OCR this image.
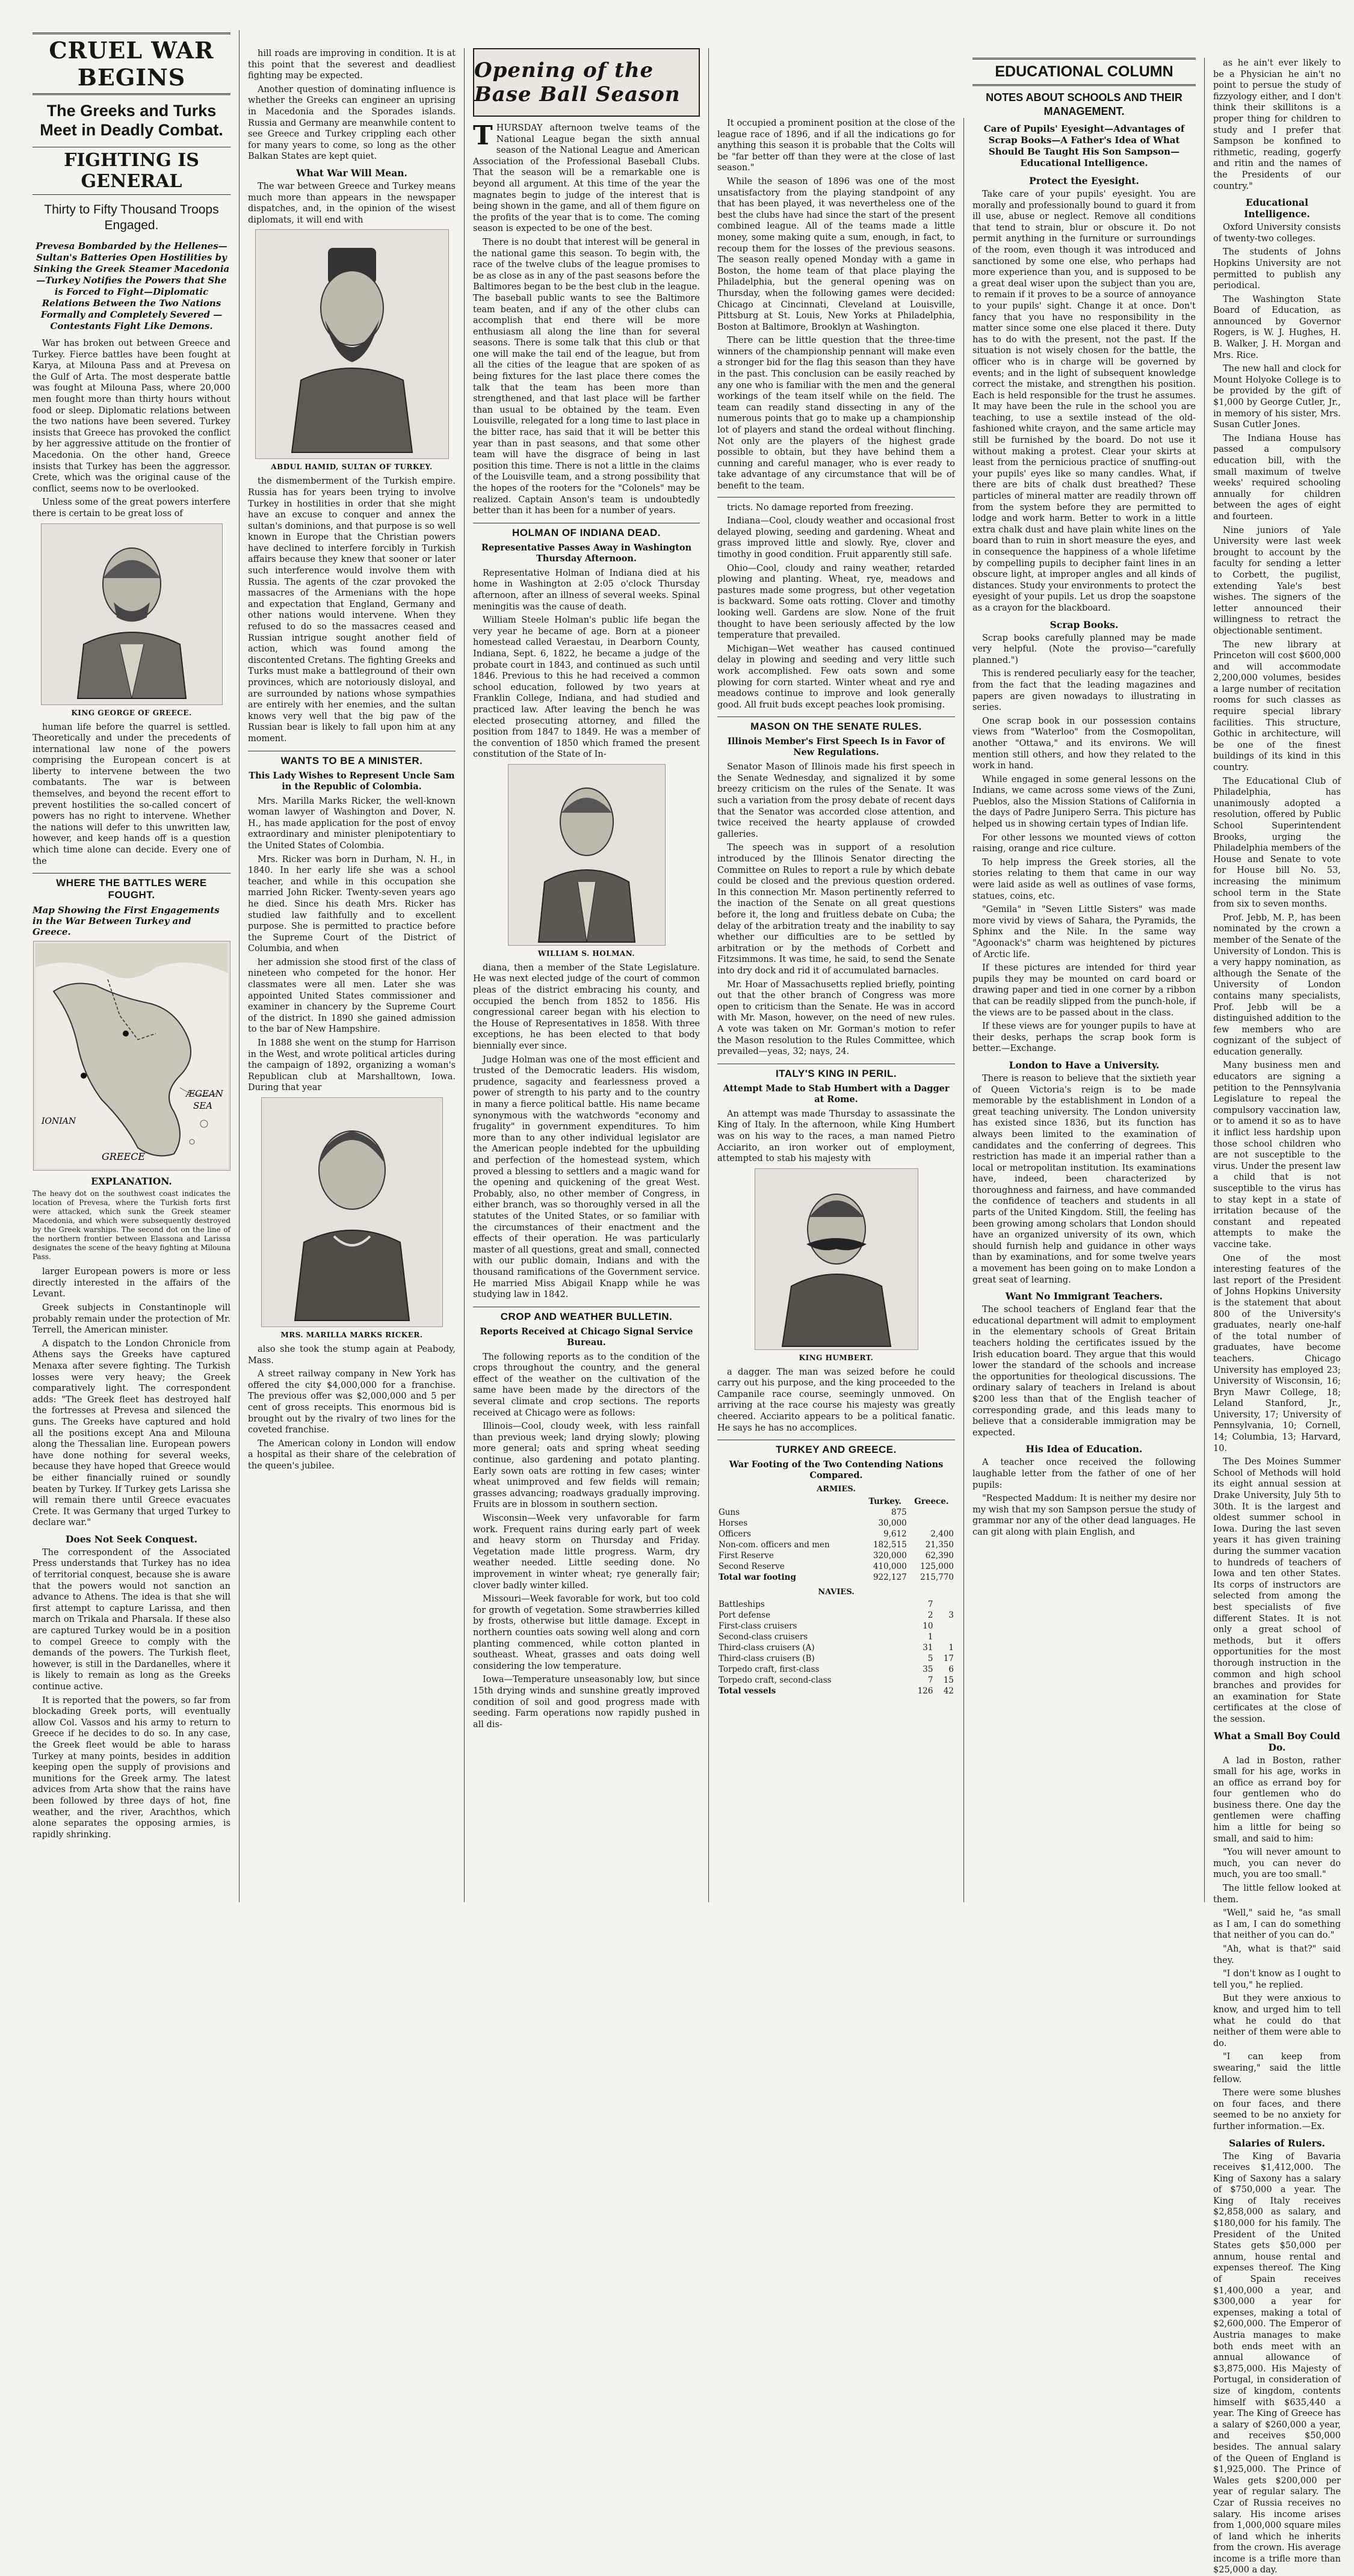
CRUEL WAR BEGINS
The Greeks and Turks Meet in Deadly Combat.
FIGHTING IS GENERAL
Thirty to Fifty Thousand Troops Engaged.
Prevesa Bombarded by the Hellenes—Sultan's Batteries Open Hostilities by Sinking the Greek Steamer Macedonia—Turkey Notifies the Powers that She is Forced to Fight—Diplomatic Relations Between the Two Nations Formally and Completely Severed — Contestants Fight Like Demons.

War has broken out between Greece and Turkey. Fierce battles have been fought at Karya, at Milouna Pass and at Prevesa on the Gulf of Arta. The most desperate battle was fought at Milouna Pass, where 20,000 men fought more than thirty hours without food or sleep. Diplomatic relations between the two nations have been severed. Turkey insists that Greece has provoked the conflict by her aggressive attitude on the frontier of Macedonia. On the other hand, Greece insists that Turkey has been the aggressor. Crete, which was the original cause of the conflict, seems now to be overlooked.

Unless some of the great powers interfere there is certain to be great loss of

KING GEORGE OF GREECE.

human life before the quarrel is settled. Theoretically and under the precedents of international law none of the powers comprising the European concert is at liberty to intervene between the two combatants. The war is between themselves, and beyond the recent effort to prevent hostilities the so-called concert of powers has no right to intervene. Whether the nations will defer to this unwritten law, however, and keep hands off is a question which time alone can decide. Every one of the

WHERE THE BATTLES WERE FOUGHT.
Map Showing the First Engagements in the War Between Turkey and Greece.
ÆGEAN
SEA
IONIAN
GREECE
EXPLANATION.
The heavy dot on the southwest coast indicates the location of Prevesa, where the Turkish forts first were attacked, which sunk the Greek steamer Macedonia, and which were subsequently destroyed by the Greek warships. The second dot on the line of the northern frontier between Elassona and Larissa designates the scene of the heavy fighting at Milouna Pass.

larger European powers is more or less directly interested in the affairs of the Levant.

Greek subjects in Constantinople will probably remain under the protection of Mr. Terrell, the American minister.

A dispatch to the London Chronicle from Athens says the Greeks have captured Menaxa after severe fighting. The Turkish losses were very heavy; the Greek comparatively light. The correspondent adds: "The Greek fleet has destroyed half the fortresses at Prevesa and silenced the guns. The Greeks have captured and hold all the positions except Ana and Milouna along the Thessalian line. European powers have done nothing for several weeks, because they have hoped that Greece would be either financially ruined or soundly beaten by Turkey. If Turkey gets Larissa she will remain there until Greece evacuates Crete. It was Germany that urged Turkey to declare war."

Does Not Seek Conquest.

The correspondent of the Associated Press understands that Turkey has no idea of territorial conquest, because she is aware that the powers would not sanction an advance to Athens. The idea is that she will first attempt to capture Larissa, and then march on Trikala and Pharsala. If these also are captured Turkey would be in a position to compel Greece to comply with the demands of the powers. The Turkish fleet, however, is still in the Dardanelles, where it is likely to remain as long as the Greeks continue active.

It is reported that the powers, so far from blockading Greek ports, will eventually allow Col. Vassos and his army to return to Greece if he decides to do so. In any case, the Greek fleet would be able to harass Turkey at many points, besides in addition keeping open the supply of provisions and munitions for the Greek army. The latest advices from Arta show that the rains have been followed by three days of hot, fine weather, and the river, Arachthos, which alone separates the opposing armies, is rapidly shrinking.

hill roads are improving in condition. It is at this point that the severest and deadliest fighting may be expected.

Another question of dominating influence is whether the Greeks can engineer an uprising in Macedonia and the Sporades islands. Russia and Germany are meanwhile content to see Greece and Turkey crippling each other for many years to come, so long as the other Balkan States are kept quiet.

What War Will Mean.

The war between Greece and Turkey means much more than appears in the newspaper dispatches, and, in the opinion of the wisest diplomats, it will end with

ABDUL HAMID, SULTAN OF TURKEY.

the dismemberment of the Turkish empire. Russia has for years been trying to involve Turkey in hostilities in order that she might have an excuse to conquer and annex the sultan's dominions, and that purpose is so well known in Europe that the Christian powers have declined to interfere forcibly in Turkish affairs because they knew that sooner or later such interference would involve them with Russia. The agents of the czar provoked the massacres of the Armenians with the hope and expectation that England, Germany and other nations would intervene. When they refused to do so the massacres ceased and Russian intrigue sought another field of action, which was found among the discontented Cretans. The fighting Greeks and Turks must make a battleground of their own provinces, which are notoriously disloyal, and are surrounded by nations whose sympathies are entirely with her enemies, and the sultan knows very well that the big paw of the Russian bear is likely to fall upon him at any moment.

WANTS TO BE A MINISTER.
This Lady Wishes to Represent Uncle Sam in the Republic of Colombia.

Mrs. Marilla Marks Ricker, the well-known woman lawyer of Washington and Dover, N. H., has made application for the post of envoy extraordinary and minister plenipotentiary to the United States of Colombia.

Mrs. Ricker was born in Durham, N. H., in 1840. In her early life she was a school teacher, and while in this occupation she married John Ricker. Twenty-seven years ago he died. Since his death Mrs. Ricker has studied law faithfully and to excellent purpose. She is permitted to practice before the Supreme Court of the District of Columbia, and when

her admission she stood first of the class of nineteen who competed for the honor. Her classmates were all men. Later she was appointed United States commissioner and examiner in chancery by the Supreme Court of the district. In 1890 she gained admission to the bar of New Hampshire.

In 1888 she went on the stump for Harrison in the West, and wrote political articles during the campaign of 1892, organizing a woman's Republican club at Marshalltown, Iowa. During that year

MRS. MARILLA MARKS RICKER.

also she took the stump again at Peabody, Mass.

A street railway company in New York has offered the city $4,000,000 for a franchise. The previous offer was $2,000,000 and 5 per cent of gross receipts. This enormous bid is brought out by the rivalry of two lines for the coveted franchise.

The American colony in London will endow a hospital as their share of the celebration of the queen's jubilee.

Opening of the Base Ball Season

THURSDAY afternoon twelve teams of the National League began the sixth annual season of the National League and American Association of the Professional Baseball Clubs. That the season will be a remarkable one is beyond all argument. At this time of the year the magnates begin to judge of the interest that is being shown in the game, and all of them figure on the profits of the year that is to come. The coming season is expected to be one of the best.

There is no doubt that interest will be general in the national game this season. To begin with, the race of the twelve clubs of the league promises to be as close as in any of the past seasons before the Baltimores began to be the best club in the league. The baseball public wants to see the Baltimore team beaten, and if any of the other clubs can accomplish that end there will be more enthusiasm all along the line than for several seasons. There is some talk that this club or that one will make the tail end of the league, but from all the cities of the league that are spoken of as being fixtures for the last place there comes the talk that the team has been more than strengthened, and that last place will be farther than usual to be obtained by the team. Even Louisville, relegated for a long time to last place in the bitter race, has said that it will be better this year than in past seasons, and that some other team will have the disgrace of being in last position this time. There is not a little in the claims of the Louisville team, and a strong possibility that the hopes of the rooters for the "Colonels" may be realized. Captain Anson's team is undoubtedly better than it has been for a number of years.

HOLMAN OF INDIANA DEAD.
Representative Passes Away in Washington Thursday Afternoon.

Representative Holman of Indiana died at his home in Washington at 2:05 o'clock Thursday afternoon, after an illness of several weeks. Spinal meningitis was the cause of death.

William Steele Holman's public life began the very year he became of age. Born at a pioneer homestead called Veraestau, in Dearborn County, Indiana, Sept. 6, 1822, he became a judge of the probate court in 1843, and continued as such until 1846. Previous to this he had received a common school education, followed by two years at Franklin College, Indiana, and had studied and practiced law. After leaving the bench he was elected prosecuting attorney, and filled the position from 1847 to 1849. He was a member of the convention of 1850 which framed the present constitution of the State of In-

WILLIAM S. HOLMAN.

diana, then a member of the State Legislature. He was next elected judge of the court of common pleas of the district embracing his county, and occupied the bench from 1852 to 1856. His congressional career began with his election to the House of Representatives in 1858. With three exceptions, he has been elected to that body biennially ever since.

Judge Holman was one of the most efficient and trusted of the Democratic leaders. His wisdom, prudence, sagacity and fearlessness proved a power of strength to his party and to the country in many a fierce political battle. His name became synonymous with the watchwords "economy and frugality" in government expenditures. To him more than to any other individual legislator are the American people indebted for the upbuilding and perfection of the homestead system, which proved a blessing to settlers and a magic wand for the opening and quickening of the great West. Probably, also, no other member of Congress, in either branch, was so thoroughly versed in all the statutes of the United States, or so familiar with the circumstances of their enactment and the effects of their operation. He was particularly master of all questions, great and small, connected with our public domain, Indians and with the thousand ramifications of the Government service. He married Miss Abigail Knapp while he was studying law in 1842.

CROP AND WEATHER BULLETIN.
Reports Received at Chicago Signal Service Bureau.

The following reports as to the condition of the crops throughout the country, and the general effect of the weather on the cultivation of the same have been made by the directors of the several climate and crop sections. The reports received at Chicago were as follows:

Illinois—Cool, cloudy week, with less rainfall than previous week; land drying slowly; plowing more general; oats and spring wheat seeding continue, also gardening and potato planting. Early sown oats are rotting in few cases; winter wheat unimproved and few fields will remain; grasses advancing; roadways gradually improving. Fruits are in blossom in southern section.

Wisconsin—Week very unfavorable for farm work. Frequent rains during early part of week and heavy storm on Thursday and Friday. Vegetation made little progress. Warm, dry weather needed. Little seeding done. No improvement in winter wheat; rye generally fair; clover badly winter killed.

Missouri—Week favorable for work, but too cold for growth of vegetation. Some strawberries killed by frosts, otherwise but little damage. Except in northern counties oats sowing well along and corn planting commenced, while cotton planted in southeast. Wheat, grasses and oats doing well considering the low temperature.

Iowa—Temperature unseasonably low, but since 15th drying winds and sunshine greatly improved condition of soil and good progress made with seeding. Farm operations now rapidly pushed in all dis-

It occupied a prominent position at the close of the league race of 1896, and if all the indications go for anything this season it is probable that the Colts will be "far better off than they were at the close of last season."

While the season of 1896 was one of the most unsatisfactory from the playing standpoint of any that has been played, it was nevertheless one of the best the clubs have had since the start of the present combined league. All of the teams made a little money, some making quite a sum, enough, in fact, to recoup them for the losses of the previous seasons. The season really opened Monday with a game in Boston, the home team of that place playing the Philadelphia, but the general opening was on Thursday, when the following games were decided: Chicago at Cincinnati, Cleveland at Louisville, Pittsburg at St. Louis, New Yorks at Philadelphia, Boston at Baltimore, Brooklyn at Washington.

There can be little question that the three-time winners of the championship pennant will make even a stronger bid for the flag this season than they have in the past. This conclusion can be easily reached by any one who is familiar with the men and the general workings of the team itself while on the field. The team can readily stand dissecting in any of the numerous points that go to make up a championship lot of players and stand the ordeal without flinching. Not only are the players of the highest grade possible to obtain, but they have behind them a cunning and careful manager, who is ever ready to take advantage of any circumstance that will be of benefit to the team.

tricts. No damage reported from freezing.

Indiana—Cool, cloudy weather and occasional frost delayed plowing, seeding and gardening. Wheat and grass improved little and slowly. Rye, clover and timothy in good condition. Fruit apparently still safe.

Ohio—Cool, cloudy and rainy weather, retarded plowing and planting. Wheat, rye, meadows and pastures made some progress, but other vegetation is backward. Some oats rotting. Clover and timothy looking well. Gardens are slow. None of the fruit thought to have been seriously affected by the low temperature that prevailed.

Michigan—Wet weather has caused continued delay in plowing and seeding and very little such work accomplished. Few oats sown and some plowing for corn started. Winter wheat and rye and meadows continue to improve and look generally good. All fruit buds except peaches look promising.

MASON ON THE SENATE RULES.
Illinois Member's First Speech Is in Favor of New Regulations.

Senator Mason of Illinois made his first speech in the Senate Wednesday, and signalized it by some breezy criticism on the rules of the Senate. It was such a variation from the prosy debate of recent days that the Senator was accorded close attention, and twice received the hearty applause of crowded galleries.

The speech was in support of a resolution introduced by the Illinois Senator directing the Committee on Rules to report a rule by which debate could be closed and the previous question ordered. In this connection Mr. Mason pertinently referred to the inaction of the Senate on all great questions before it, the long and fruitless debate on Cuba; the delay of the arbitration treaty and the inability to say whether our difficulties are to be settled by arbitration or by the methods of Corbett and Fitzsimmons. It was time, he said, to send the Senate into dry dock and rid it of accumulated barnacles.

Mr. Hoar of Massachusetts replied briefly, pointing out that the other branch of Congress was more open to criticism than the Senate. He was in accord with Mr. Mason, however, on the need of new rules. A vote was taken on Mr. Gorman's motion to refer the Mason resolution to the Rules Committee, which prevailed—yeas, 32; nays, 24.

ITALY'S KING IN PERIL.
Attempt Made to Stab Humbert with a Dagger at Rome.

An attempt was made Thursday to assassinate the King of Italy. In the afternoon, while King Humbert was on his way to the races, a man named Pietro Acciarito, an iron worker out of employment, attempted to stab his majesty with

KING HUMBERT.

a dagger. The man was seized before he could carry out his purpose, and the king proceeded to the Campanile race course, seemingly unmoved. On arriving at the race course his majesty was greatly cheered. Acciarito appears to be a political fanatic. He says he has no accomplices.

TURKEY AND GREECE.
War Footing of the Two Contending Nations Compared.
ARMIES.
	Turkey.	Greece.
Guns	875	
Horses	30,000	
Officers	9,612	2,400
Non-com. officers and men	182,515	21,350
First Reserve	320,000	62,390
Second Reserve	410,000	125,000
Total war footing	922,127	215,770
NAVIES.
Battleships	7	
Port defense	2	3
First-class cruisers	10	
Second-class cruisers	1	
Third-class cruisers (A)	31	1
Third-class cruisers (B)	5	17
Torpedo craft, first-class	35	6
Torpedo craft, second-class	7	15
Total vessels	126	42
EDUCATIONAL COLUMN
NOTES ABOUT SCHOOLS AND THEIR MANAGEMENT.
Care of Pupils' Eyesight—Advantages of Scrap Books—A Father's Idea of What Should Be Taught His Son Sampson—Educational Intelligence.
Protect the Eyesight.

Take care of your pupils' eyesight. You are morally and professionally bound to guard it from ill use, abuse or neglect. Remove all conditions that tend to strain, blur or obscure it. Do not permit anything in the furniture or surroundings of the room, even though it was introduced and sanctioned by some one else, who perhaps had more experience than you, and is supposed to be a great deal wiser upon the subject than you are, to remain if it proves to be a source of annoyance to your pupils' sight. Change it at once. Don't fancy that you have no responsibility in the matter since some one else placed it there. Duty has to do with the present, not the past. If the situation is not wisely chosen for the battle, the officer who is in charge will be governed by events; and in the light of subsequent knowledge correct the mistake, and strengthen his position. Each is held responsible for the trust he assumes. It may have been the rule in the school you are teaching, to use a sextile instead of the old-fashioned white crayon, and the same article may still be furnished by the board. Do not use it without making a protest. Clear your skirts at least from the pernicious practice of snuffing-out your pupils' eyes like so many candles. What, if there are bits of chalk dust breathed? These particles of mineral matter are readily thrown off from the system before they are permitted to lodge and work harm. Better to work in a little extra chalk dust and have plain white lines on the board than to ruin in short measure the eyes, and in consequence the happiness of a whole lifetime by compelling pupils to decipher faint lines in an obscure light, at improper angles and all kinds of distances. Study your environments to protect the eyesight of your pupils. Let us drop the soapstone as a crayon for the blackboard.

Scrap Books.

Scrap books carefully planned may be made very helpful. (Note the proviso—"carefully planned.")

This is rendered peculiarly easy for the teacher, from the fact that the leading magazines and papers are given nowadays to illustrating in series.

One scrap book in our possession contains views from "Waterloo" from the Cosmopolitan, another "Ottawa," and its environs. We will mention still others, and how they related to the work in hand.

While engaged in some general lessons on the Indians, we came across some views of the Zuni, Pueblos, also the Mission Stations of California in the days of Padre Junipero Serra. This picture has helped us in showing certain types of Indian life.

For other lessons we mounted views of cotton raising, orange and rice culture.

To help impress the Greek stories, all the stories relating to them that came in our way were laid aside as well as outlines of vase forms, statues, coins, etc.

"Gemila" in "Seven Little Sisters" was made more vivid by views of Sahara, the Pyramids, the Sphinx and the Nile. In the same way "Agoonack's" charm was heightened by pictures of Arctic life.

If these pictures are intended for third year pupils they may be mounted on card board or drawing paper and tied in one corner by a ribbon that can be readily slipped from the punch-hole, if the views are to be passed about in the class.

If these views are for younger pupils to have at their desks, perhaps the scrap book form is better.—Exchange.

London to Have a University.

There is reason to believe that the sixtieth year of Queen Victoria's reign is to be made memorable by the establishment in London of a great teaching university. The London university has existed since 1836, but its function has always been limited to the examination of candidates and the conferring of degrees. This restriction has made it an imperial rather than a local or metropolitan institution. Its examinations have, indeed, been characterized by thoroughness and fairness, and have commanded the confidence of teachers and students in all parts of the United Kingdom. Still, the feeling has been growing among scholars that London should have an organized university of its own, which should furnish help and guidance in other ways than by examinations, and for some twelve years a movement has been going on to make London a great seat of learning.

Want No Immigrant Teachers.

The school teachers of England fear that the educational department will admit to employment in the elementary schools of Great Britain teachers holding the certificates issued by the Irish education board. They argue that this would lower the standard of the schools and increase the opportunities for theological discussions. The ordinary salary of teachers in Ireland is about $200 less than that of the English teacher of corresponding grade, and this leads many to believe that a considerable immigration may be expected.

His Idea of Education.

A teacher once received the following laughable letter from the father of one of her pupils:

"Respected Maddum: It is neither my desire nor my wish that my son Sampson persue the study of grammar nor any of the other dead languages. He can git along with plain English, and

as he ain't ever likely to be a Physician he ain't no point to persue the study of fizzyology either, and I don't think their skillitons is a proper thing for children to study and I prefer that Sampson be konfined to rithmetic, reading, gogerfy and ritin and the names of the Presidents of our country."

Educational Intelligence.

Oxford University consists of twenty-two colleges.

The students of Johns Hopkins University are not permitted to publish any periodical.

The Washington State Board of Education, as announced by Governor Rogers, is W. J. Hughes, H. B. Walker, J. H. Morgan and Mrs. Rice.

The new hall and clock for Mount Holyoke College is to be provided by the gift of $1,000 by George Cutler, Jr., in memory of his sister, Mrs. Susan Cutler Jones.

The Indiana House has passed a compulsory education bill, with the small maximum of twelve weeks' required schooling annually for children between the ages of eight and fourteen.

Nine juniors of Yale University were last week brought to account by the faculty for sending a letter to Corbett, the pugilist, extending Yale's best wishes. The signers of the letter announced their willingness to retract the objectionable sentiment.

The new library at Princeton will cost $600,000 and will accommodate 2,200,000 volumes, besides a large number of recitation rooms for such classes as require special library facilities. This structure, Gothic in architecture, will be one of the finest buildings of its kind in this country.

The Educational Club of Philadelphia, has unanimously adopted a resolution, offered by Public School Superintendent Brooks, urging the Philadelphia members of the House and Senate to vote for House bill No. 53, increasing the minimum school term in the State from six to seven months.

Prof. Jebb, M. P., has been nominated by the crown a member of the Senate of the University of London. This is a very happy nomination, as although the Senate of the University of London contains many specialists, Prof. Jebb will be a distinguished addition to the few members who are cognizant of the subject of education generally.

Many business men and educators are signing a petition to the Pennsylvania Legislature to repeal the compulsory vaccination law, or to amend it so as to have it inflict less hardship upon those school children who are not susceptible to the virus. Under the present law a child that is not susceptible to the virus has to stay kept in a state of irritation because of the constant and repeated attempts to make the vaccine take.

One of the most interesting features of the last report of the President of Johns Hopkins University is the statement that about 800 of the University's graduates, nearly one-half of the total number of graduates, have become teachers. Chicago University has employed 23; University of Wisconsin, 16; Bryn Mawr College, 18; Leland Stanford, Jr., University, 17; University of Pennsylvania, 10; Cornell, 14; Columbia, 13; Harvard, 10.

The Des Moines Summer School of Methods will hold its eight annual session at Drake University, July 5th to 30th. It is the largest and oldest summer school in Iowa. During the last seven years it has given training during the summer vacation to hundreds of teachers of Iowa and ten other States. Its corps of instructors are selected from among the best specialists of five different States. It is not only a great school of methods, but it offers opportunities for the most thorough instruction in the common and high school branches and provides for an examination for State certificates at the close of the session.

What a Small Boy Could Do.

A lad in Boston, rather small for his age, works in an office as errand boy for four gentlemen who do business there. One day the gentlemen were chaffing him a little for being so small, and said to him:

"You will never amount to much, you can never do much, you are too small."

The little fellow looked at them.

"Well," said he, "as small as I am, I can do something that neither of you can do."

"Ah, what is that?" said they.

"I don't know as I ought to tell you," he replied.

But they were anxious to know, and urged him to tell what he could do that neither of them were able to do.

"I can keep from swearing," said the little fellow.

There were some blushes on four faces, and there seemed to be no anxiety for further information.—Ex.

Salaries of Rulers.

The King of Bavaria receives $1,412,000. The King of Saxony has a salary of $750,000 a year. The King of Italy receives $2,858,000 as salary, and $180,000 for his family. The President of the United States gets $50,000 per annum, house rental and expenses thereof. The King of Spain receives $1,400,000 a year, and $300,000 a year for expenses, making a total of $2,600,000. The Emperor of Austria manages to make both ends meet with an annual allowance of $3,875,000. His Majesty of Portugal, in consideration of size of kingdom, contents himself with $635,440 a year. The King of Greece has a salary of $260,000 a year, and receives $50,000 besides. The annual salary of the Queen of England is $1,925,000. The Prince of Wales gets $200,000 per year of regular salary. The Czar of Russia receives no salary. His income arises from 1,000,000 square miles of land which he inherits from the crown. His average income is a trifle more than $25,000 a day.
